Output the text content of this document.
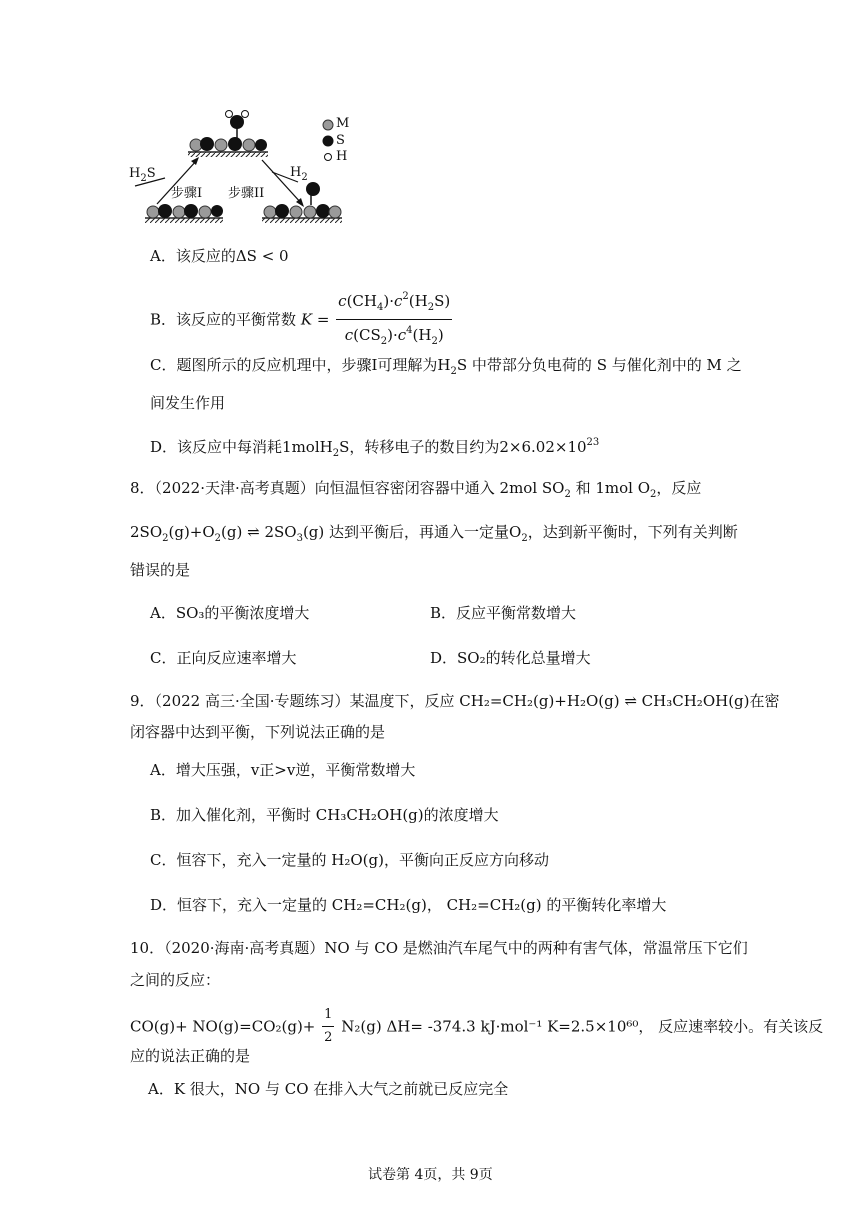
M
S
H
$H_2S$
步骤I 步骤II
$H_2$
A．该反应的ΔS < 0
B．该反应的平衡常数 $K = \frac{c(CH_4)\cdot c^2(H_2S)}{c(CS_2)\cdot c^4(H_2)}$
C．题图所示的反应机理中，步骤I可理解为$H_2S$ 中带部分负电荷的 S 与催化剂中的 M 之
间发生作用
D．该反应中每消耗1molH$_2$S，转移电子的数目约为$2\times 6.02\times 10^{23}$
8．（2022·天津·高考真题）向恒温恒容密闭容器中通入 2mol $SO_2$ 和 1mol $O_2$，反应
$2SO_2(g)+O_2(g)$ ⇌ $2SO_3(g)$ 达到平衡后，再通入一定量$O_2$，达到新平衡时，下列有关判断
错误的是
A．SO₃的平衡浓度增大	B．反应平衡常数增大
C．正向反应速率增大	D．SO₂的转化总量增大
9．（2022 高三·全国·专题练习）某温度下，反应 CH₂=CH₂(g)+H₂O(g) ⇌ CH₃CH₂OH(g)在密
闭容器中达到平衡，下列说法正确的是
A．增大压强，v正>v逆，平衡常数增大
B．加入催化剂，平衡时 CH₃CH₂OH(g)的浓度增大
C．恒容下，充入一定量的 H₂O(g)，平衡向正反应方向移动
D．恒容下，充入一定量的 CH₂=CH₂(g)， CH₂=CH₂(g) 的平衡转化率增大
10．（2020·海南·高考真题）NO 与 CO 是燃油汽车尾气中的两种有害气体，常温常压下它们
之间的反应：
$CO(g)+ NO(g)=CO_2(g)+ \frac{1}{2} N_2(g)$ ΔH= -374.3 kJ·mol⁻¹ K=2.5×10⁶⁰， 反应速率较小。有关该反
应的说法正确的是
A．K 很大，NO 与 CO 在排入大气之前就已反应完全
试卷第 4页，共 9页
